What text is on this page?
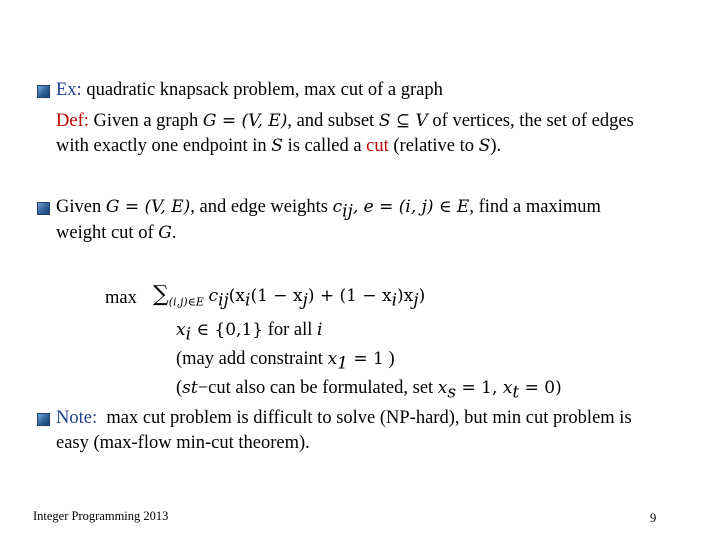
Ex: quadratic knapsack problem, max cut of a graph
Def: Given a graph G = (V, E), and subset S ⊆ V of vertices, the set of edges
with exactly one endpoint in S is called a cut (relative to S).
Given G = (V, E), and edge weights $c_{ij}$, e = (i, j) ∈ E, find a maximum
weight cut of G.
$\max \sum_{(i,j)\in E}$ $c_{ij}(x_i(1 - x_j) + (1 - x_i)x_j)$
$x_i$ ∈ {0,1} for all i
(may add constraint $x_1 = 1$ )
(st−cut also can be formulated, set $x_s = 1$, $x_t = 0$)
Note: max cut problem is difficult to solve (NP-hard), but min cut problem is
easy (max-flow min-cut theorem).
Integer Programming 2013	9
